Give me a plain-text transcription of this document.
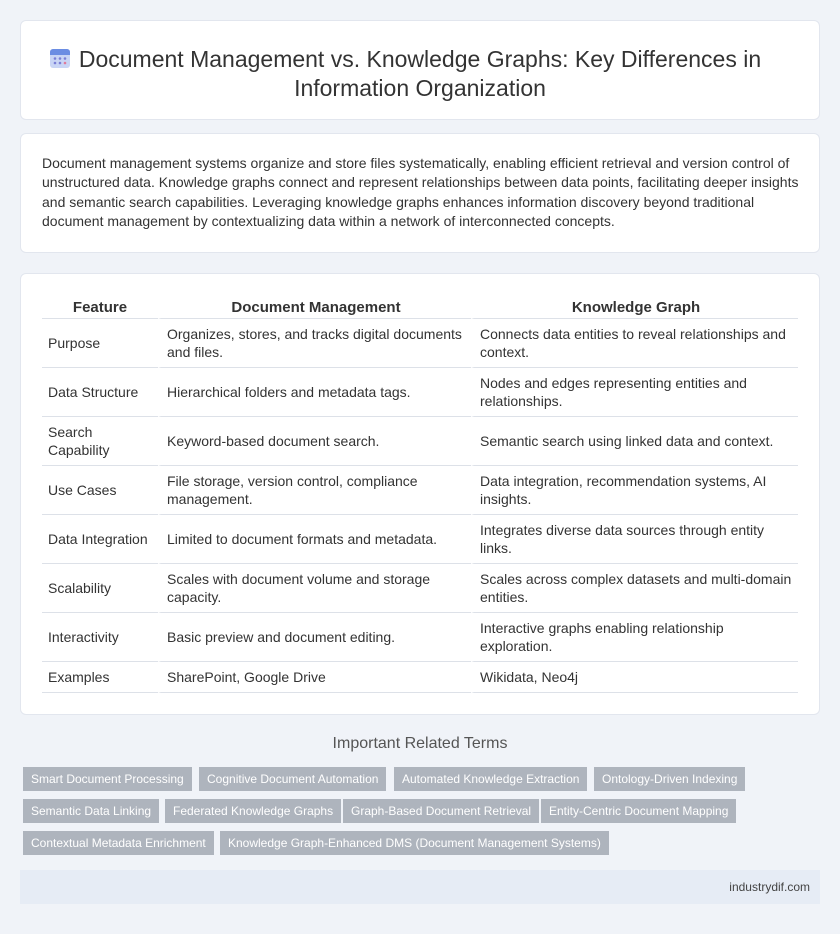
Document Management vs. Knowledge Graphs: Key Differences in Information Organization

Document management systems organize and store files systematically, enabling efficient retrieval and version control of unstructured data. Knowledge graphs connect and represent relationships between data points, facilitating deeper insights and semantic search capabilities. Leveraging knowledge graphs enhances information discovery beyond traditional document management by contextualizing data within a network of interconnected concepts.

Feature	Document Management	Knowledge Graph
Purpose	Organizes, stores, and tracks digital documents and files.	Connects data entities to reveal relationships and context.
Data Structure	Hierarchical folders and metadata tags.	Nodes and edges representing entities and relationships.
Search Capability	Keyword-based document search.	Semantic search using linked data and context.
Use Cases	File storage, version control, compliance management.	Data integration, recommendation systems, AI insights.
Data Integration	Limited to document formats and metadata.	Integrates diverse data sources through entity links.
Scalability	Scales with document volume and storage capacity.	Scales across complex datasets and multi-domain entities.
Interactivity	Basic preview and document editing.	Interactive graphs enabling relationship exploration.
Examples	SharePoint, Google Drive	Wikidata, Neo4j
Important Related Terms
Smart Document Processing	Cognitive Document Automation	Automated Knowledge Extraction	Ontology-Driven Indexing
Semantic Data Linking	Federated Knowledge Graphs	Graph-Based Document Retrieval	Entity-Centric Document Mapping
Contextual Metadata Enrichment	Knowledge Graph-Enhanced DMS (Document Management Systems)
industrydif.com
